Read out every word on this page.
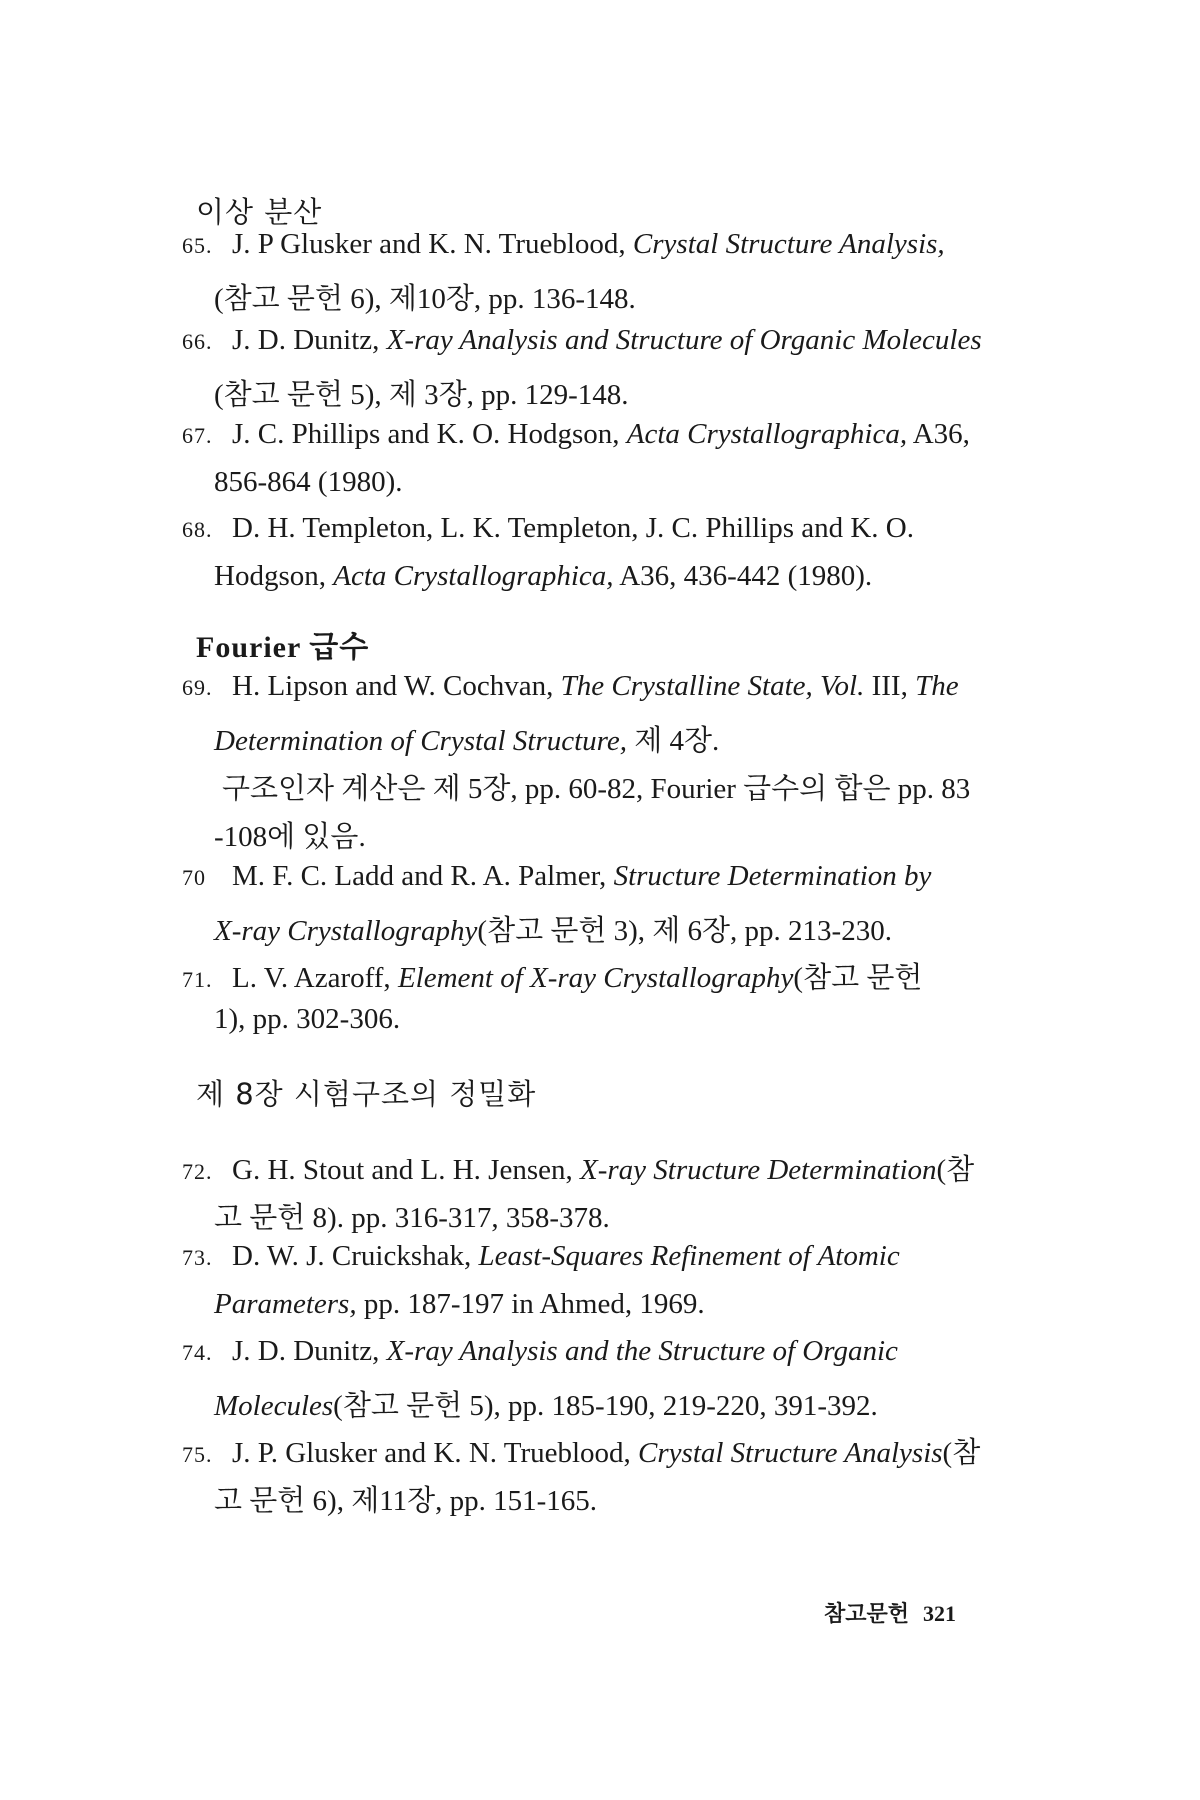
이상 분산
65. J. P Glusker and K. N. Trueblood, Crystal Structure Analysis,
(참고 문헌 6), 제10장, pp. 136-148.
66. J. D. Dunitz, X-ray Analysis and Structure of Organic Molecules
(참고 문헌 5), 제 3장, pp. 129-148.
67. J. C. Phillips and K. O. Hodgson, Acta Crystallographica, A36,
856-864 (1980).
68. D. H. Templeton, L. K. Templeton, J. C. Phillips and K. O.
Hodgson, Acta Crystallographica, A36, 436-442 (1980).
Fourier 급수
69. H. Lipson and W. Cochvan, The Crystalline State, Vol. III, The
Determination of Crystal Structure, 제 4장.
구조인자 계산은 제 5장, pp. 60-82, Fourier 급수의 합은 pp. 83
-108에 있음.
70 M. F. C. Ladd and R. A. Palmer, Structure Determination by
X-ray Crystallography(참고 문헌 3), 제 6장, pp. 213-230.
71. L. V. Azaroff, Element of X-ray Crystallography(참고 문헌
1), pp. 302-306.
제 8장 시험구조의 정밀화
72. G. H. Stout and L. H. Jensen, X-ray Structure Determination(참
고 문헌 8). pp. 316-317, 358-378.
73. D. W. J. Cruickshak, Least-Squares Refinement of Atomic
Parameters, pp. 187-197 in Ahmed, 1969.
74. J. D. Dunitz, X-ray Analysis and the Structure of Organic
Molecules(참고 문헌 5), pp. 185-190, 219-220, 391-392.
75. J. P. Glusker and K. N. Trueblood, Crystal Structure Analysis(참
고 문헌 6), 제11장, pp. 151-165.
참고문헌 321
